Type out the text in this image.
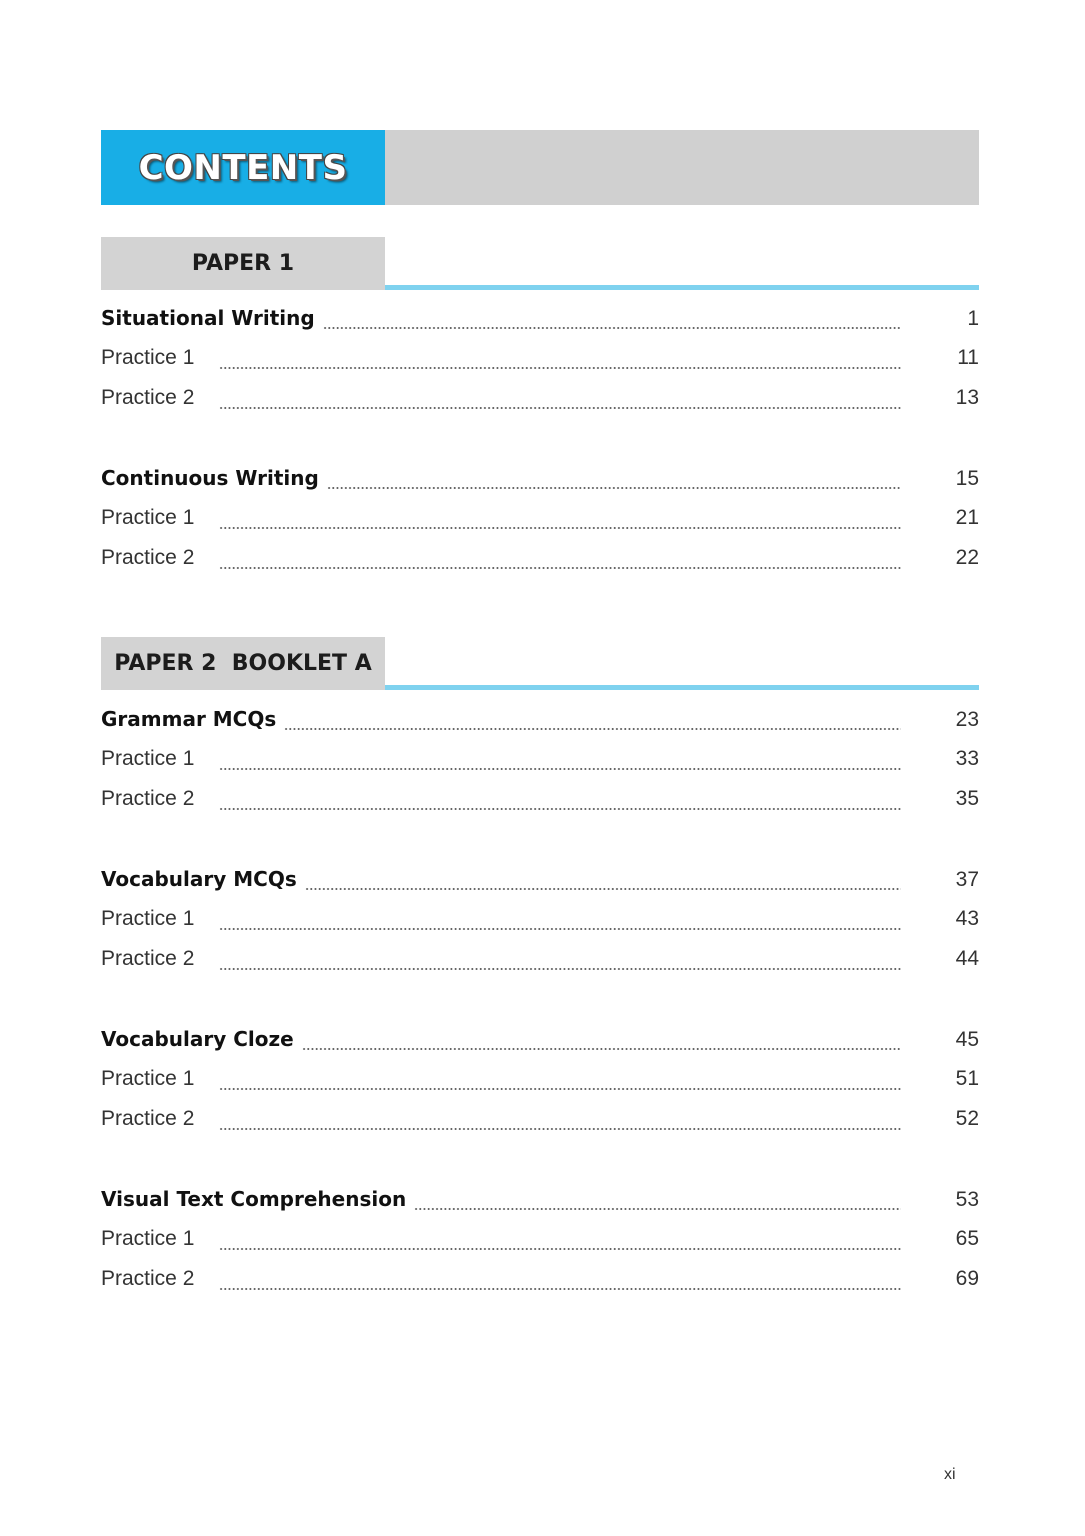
CONTENTS
PAPER 1
Situational Writing	1
Practice 1	11
Practice 2	13
Continuous Writing	15
Practice 1	21
Practice 2	22
PAPER 2  BOOKLET A
Grammar MCQs	23
Practice 1	33
Practice 2	35
Vocabulary MCQs	37
Practice 1	43
Practice 2	44
Vocabulary Cloze	45
Practice 1	51
Practice 2	52
Visual Text Comprehension	53
Practice 1	65
Practice 2	69
xi
